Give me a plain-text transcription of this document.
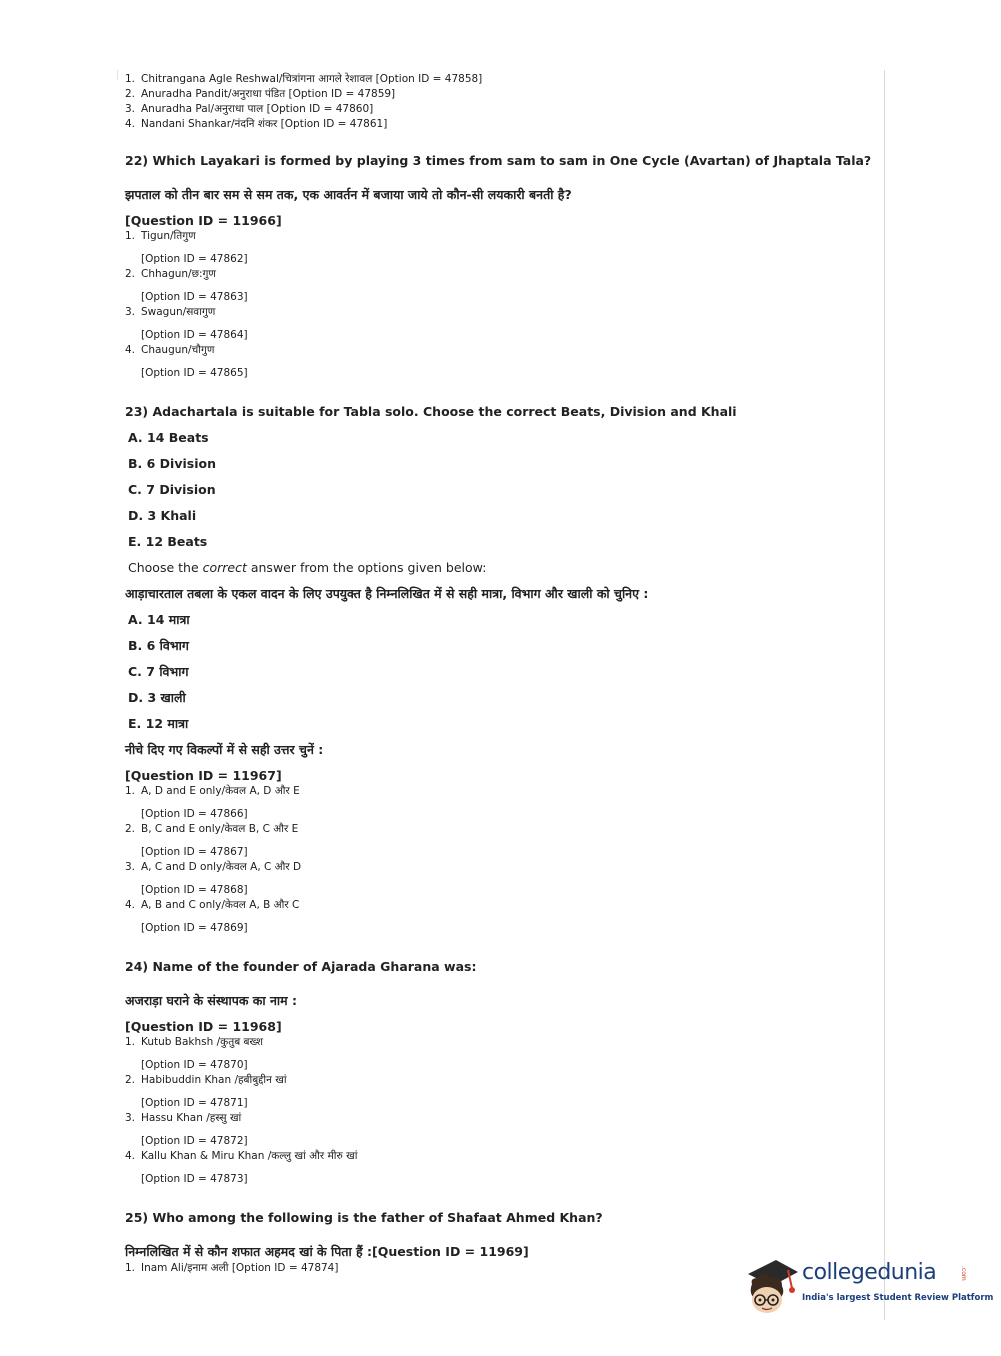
1. Chitrangana Agle Reshwal/चित्रांगना आगले रेशावल [Option ID = 47858]
2. Anuradha Pandit/अनुराधा पंडित [Option ID = 47859]
3. Anuradha Pal/अनुराधा पाल [Option ID = 47860]
4. Nandani Shankar/नंदनि शंकर [Option ID = 47861]
22) Which Layakari is formed by playing 3 times from sam to sam in One Cycle (Avartan) of Jhaptala Tala?
झपताल को तीन बार सम से सम तक, एक आवर्तन में बजाया जाये तो कौन-सी लयकारी बनती है?
[Question ID = 11966]
1. Tigun/तिगुण
[Option ID = 47862]
2. Chhagun/छ:गुण
[Option ID = 47863]
3. Swagun/सवागुण
[Option ID = 47864]
4. Chaugun/चौगुण
[Option ID = 47865]
23) Adachartala is suitable for Tabla solo. Choose the correct Beats, Division and Khali
A. 14 Beats
B. 6 Division
C. 7 Division
D. 3 Khali
E. 12 Beats
Choose the correct answer from the options given below:
आड़ाचारताल तबला के एकल वादन के लिए उपयुक्त है निम्नलिखित में से सही मात्रा, विभाग और खाली को चुनिए :
A. 14 मात्रा
B. 6 विभाग
C. 7 विभाग
D. 3 खाली
E. 12 मात्रा
नीचे दिए गए विकल्पों में से सही उत्तर चुनें :
[Question ID = 11967]
1. A, D and E only/केवल A, D और E
[Option ID = 47866]
2. B, C and E only/केवल B, C और E
[Option ID = 47867]
3. A, C and D only/केवल A, C और D
[Option ID = 47868]
4. A, B and C only/केवल A, B और C
[Option ID = 47869]
24) Name of the founder of Ajarada Gharana was:
अजराड़ा घराने के संस्थापक का नाम :
[Question ID = 11968]
1. Kutub Bakhsh /कुतुब बख्श
[Option ID = 47870]
2. Habibuddin Khan /हबीबुद्दीन खां
[Option ID = 47871]
3. Hassu Khan /हस्सु खां
[Option ID = 47872]
4. Kallu Khan & Miru Khan /कल्लु खां और मीरु खां
[Option ID = 47873]
25) Who among the following is the father of Shafaat Ahmed Khan?
निम्नलिखित में से कौन शफात अहमद खां के पिता हैं :[Question ID = 11969]
1. Inam Ali/इनाम अली [Option ID = 47874]	collegedunia	.com
India's largest Student Review Platform
